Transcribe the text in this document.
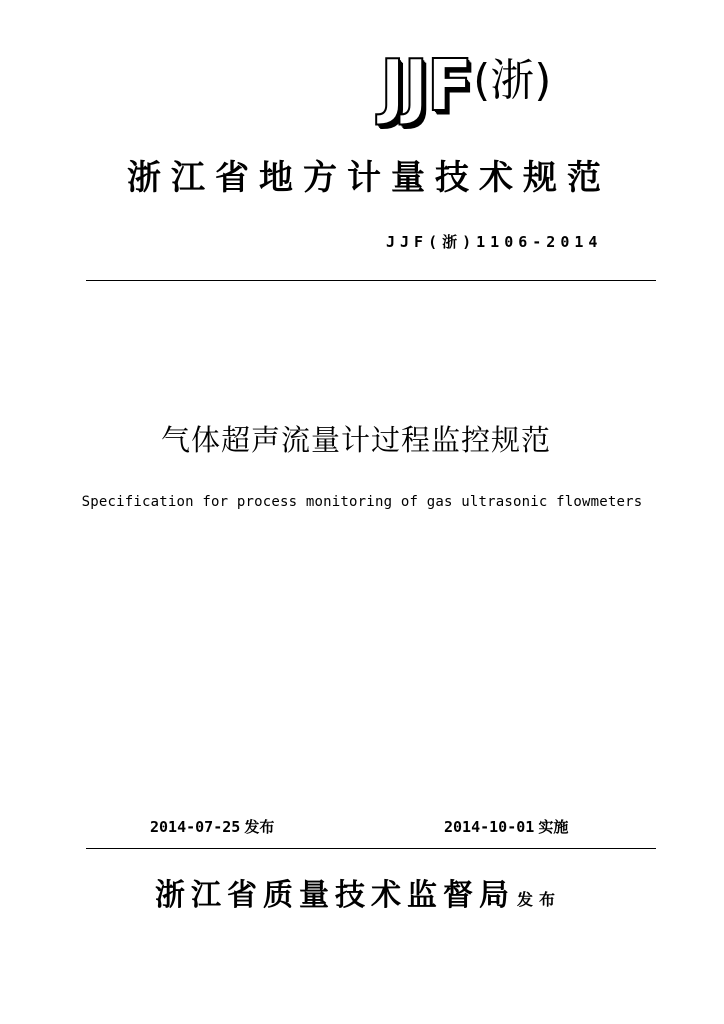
JJF (浙)
浙江省地方计量技术规范
JJF(浙)1106-2014
气体超声流量计过程监控规范
Specification for process monitoring of gas ultrasonic flowmeters
2014-07-25 发布	2014-10-01 实施
浙江省质量技术监督局 发布
